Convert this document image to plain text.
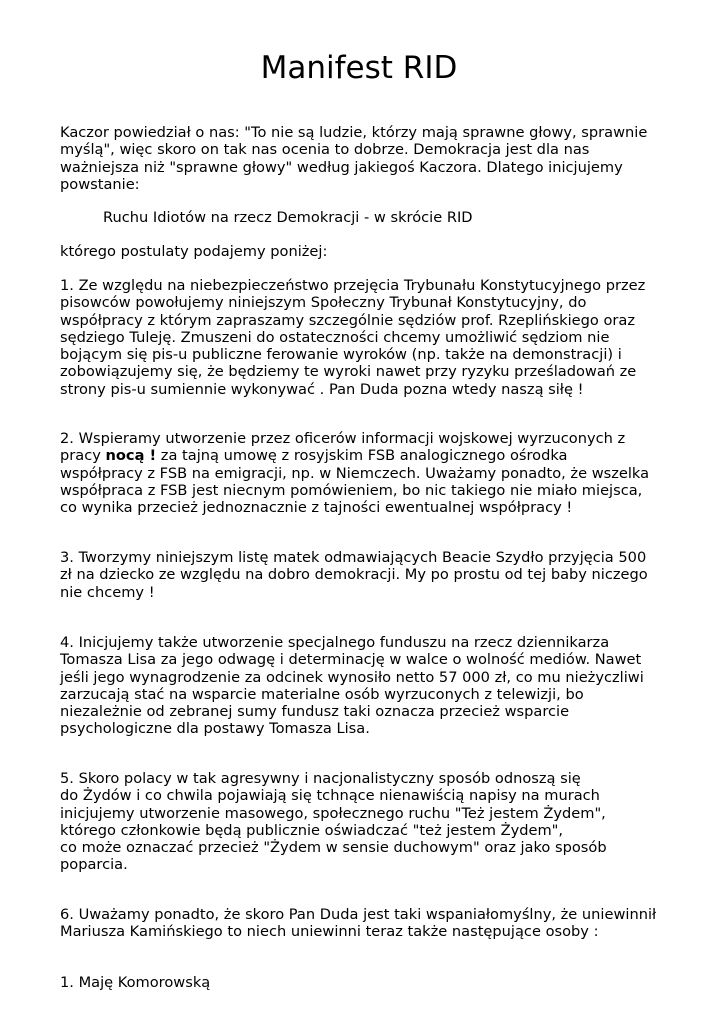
Manifest RID

Kaczor powiedział o nas: "To nie są ludzie, którzy mają sprawne głowy, sprawnie
myślą", więc skoro on tak nas ocenia to dobrze. Demokracja jest dla nas
ważniejsza niż "sprawne głowy" według jakiegoś Kaczora. Dlatego inicjujemy
powstanie:

Ruchu Idiotów na rzecz Demokracji - w skrócie RID

którego postulaty podajemy poniżej:

1. Ze względu na niebezpieczeństwo przejęcia Trybunału Konstytucyjnego przez
pisowców powołujemy niniejszym Społeczny Trybunał Konstytucyjny, do
współpracy z którym zapraszamy szczególnie sędziów prof. Rzeplińskiego oraz
sędziego Tuleję. Zmuszeni do ostateczności chcemy umożliwić sędziom nie
bojącym się pis-u publiczne ferowanie wyroków (np. także na demonstracji) i
zobowiązujemy się, że będziemy te wyroki nawet przy ryzyku prześladowań ze
strony pis-u sumiennie wykonywać . Pan Duda pozna wtedy naszą siłę !

2. Wspieramy utworzenie przez oficerów informacji wojskowej wyrzuconych z
pracy nocą ! za tajną umowę z rosyjskim FSB analogicznego ośrodka
współpracy z FSB na emigracji, np. w Niemczech. Uważamy ponadto, że wszelka
współpraca z FSB jest niecnym pomówieniem, bo nic takiego nie miało miejsca,
co wynika przecież jednoznacznie z tajności ewentualnej współpracy !

3. Tworzymy niniejszym listę matek odmawiających Beacie Szydło przyjęcia 500
zł na dziecko ze względu na dobro demokracji. My po prostu od tej baby niczego
nie chcemy !

4. Inicjujemy także utworzenie specjalnego funduszu na rzecz dziennikarza
Tomasza Lisa za jego odwagę i determinację w walce o wolność mediów. Nawet
jeśli jego wynagrodzenie za odcinek wynosiło netto 57 000 zł, co mu nieżyczliwi
zarzucają stać na wsparcie materialne osób wyrzuconych z telewizji, bo
niezależnie od zebranej sumy fundusz taki oznacza przecież wsparcie
psychologiczne dla postawy Tomasza Lisa.

5. Skoro polacy w tak agresywny i nacjonalistyczny sposób odnoszą się
do Żydów i co chwila pojawiają się tchnące nienawiścią napisy na murach
inicjujemy utworzenie masowego, społecznego ruchu "Też jestem Żydem",
którego członkowie będą publicznie oświadczać "też jestem Żydem",
co może oznaczać przecież "Żydem w sensie duchowym" oraz jako sposób
poparcia.

6. Uważamy ponadto, że skoro Pan Duda jest taki wspaniałomyślny, że uniewinnił
Mariusza Kamińskiego to niech uniewinni teraz także następujące osoby :

1. Maję Komorowską
